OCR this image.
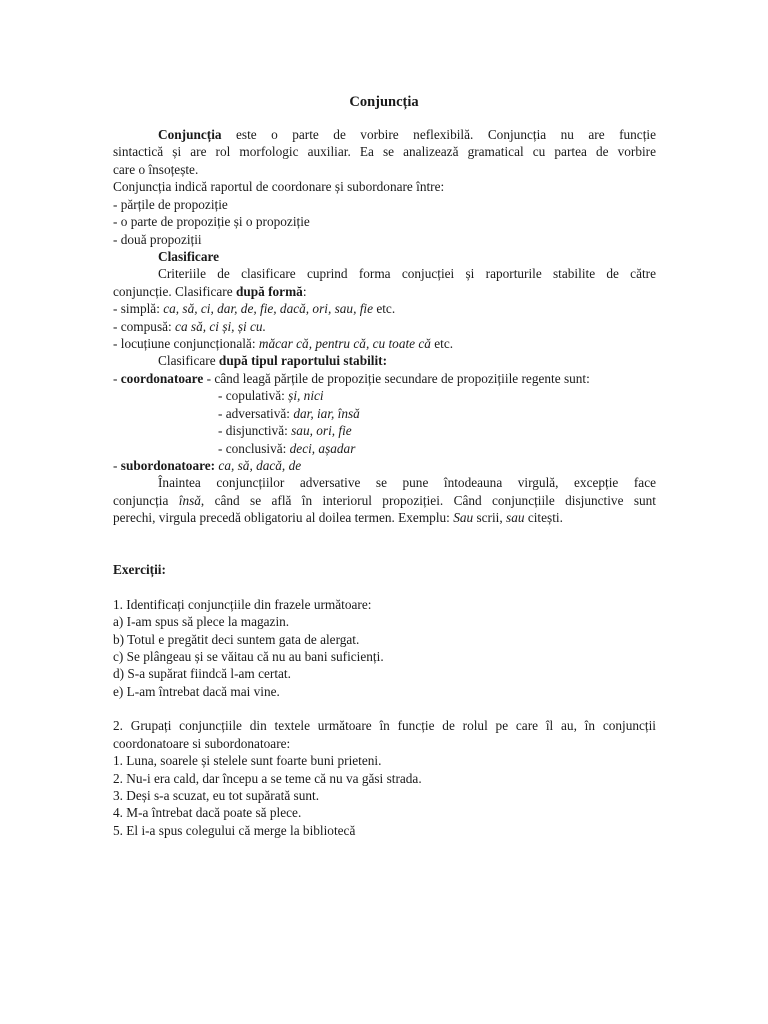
Conjuncția
Conjuncția este o parte de vorbire neflexibilă. Conjuncția nu are funcție
sintactică și are rol morfologic auxiliar. Ea se analizează gramatical cu partea de vorbire
care o însoțește.
Conjuncția indică raportul de coordonare și subordonare între:
- părțile de propoziție
- o parte de propoziție și o propoziție
- două propoziții
Clasificare
Criteriile de clasificare cuprind forma conjucției și raporturile stabilite de către
conjuncție. Clasificare după formă:
- simplă: ca, să, ci, dar, de, fie, dacă, ori, sau, fie etc.
- compusă: ca să, ci și, și cu.
- locuțiune conjuncțională: măcar că, pentru că, cu toate că etc.
Clasificare după tipul raportului stabilit:
- coordonatoare - când leagă părțile de propoziție secundare de propozițiile regente sunt:
- copulativă: și, nici
- adversativă: dar, iar, însă
- disjunctivă: sau, ori, fie
- conclusivă: deci, așadar
- subordonatoare: ca, să, dacă, de
Înaintea conjuncțiilor adversative se pune întodeauna virgulă, excepție face
conjuncția însă, când se află în interiorul propoziției. Când conjuncțiile disjunctive sunt
perechi, virgula precedă obligatoriu al doilea termen. Exemplu: Sau scrii, sau citești.
Exerciții:
1. Identificați conjuncțiile din frazele următoare:
a) I-am spus să plece la magazin.
b) Totul e pregătit deci suntem gata de alergat.
c) Se plângeau și se văitau că nu au bani suficienți.
d) S-a supărat fiindcă l-am certat.
e) L-am întrebat dacă mai vine.
2. Grupați conjuncțiile din textele următoare în funcție de rolul pe care îl au, în conjuncții
coordonatoare si subordonatoare:
1. Luna, soarele și stelele sunt foarte buni prieteni.
2. Nu-i era cald, dar începu a se teme că nu va găsi strada.
3. Deși s-a scuzat, eu tot supărată sunt.
4. M-a întrebat dacă poate să plece.
5. El i-a spus colegului că merge la bibliotecă
